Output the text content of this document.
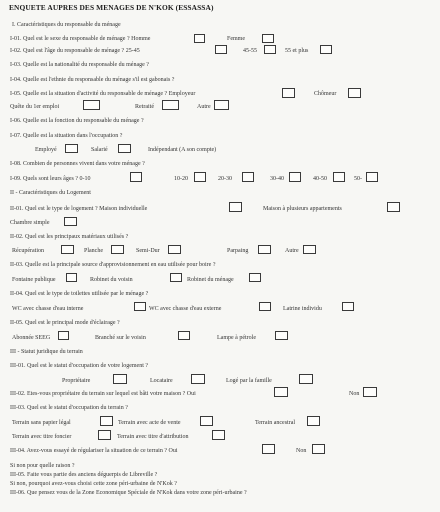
ENQUETE AUPRES DES MENAGES DE N'KOK (ESSASSA)
I. Caractéristiques du responsable du ménage
I-01. Quel est le sexe du responsable de ménage ? Homme	Femme
I-02. Quel est l'âge du responsable de ménage ? 25-45	45-55	55 et plus
I-03. Quelle est la nationalité du responsable du ménage ?
I-04. Quelle est l'ethnie du responsable du ménage s'il est gabonais ?
I-05. Quelle est la situation d'activité du responsable de ménage ? Employeur	Chômeur
Quête du 1er emploi	Retraité	Autre
I-06. Quelle est la fonction du responsable du ménage ?
I-07. Quelle est la situation dans l'occupation ?
Employé	Salarié	Indépendant (A son compte)
I-08. Combien de personnes vivent dans votre ménage ?
I-09. Quels sont leurs âges ? 0-10	10-20	20-30	30-40	40-50	50-
II - Caractéristiques du Logement
II-01. Quel est le type de logement ? Maison individuelle	Maison à plusieurs appartements
Chambre simple
II-02. Quel est les principaux matériaux utilisés ?
Récupération	Planche	Semi-Dur	Parpaing	Autre
II-03. Quelle est la principale source d'approvisionnement en eau utilisée pour boire ?
Fontaine publique	Robinet du voisin	Robinet du ménage
II-04. Quel est le type de toilettes utilisée par le ménage ?
WC avec chasse d'eau interne	WC avec chasse d'eau externe	Latrine individu
II-05. Quel est le principal mode d'éclairage ?
Abonnée SEEG	Branché sur le voisin	Lampe à pétrole
III - Statut juridique du terrain
III-01. Quel est le statut d'occupation de votre logement ?
Propriétaire	Locataire	Logé par la famille
III-02. Etes-vous propriétaire du terrain sur lequel est bâti votre maison ? Oui	Non
III-03. Quel est le statut d'occupation du terrain ?
Terrain sans papier légal	Terrain avec acte de vente	Terrain ancestral
Terrain avec titre foncier	Terrain avec titre d'attribution
III-04. Avez-vous essayé de régulariser la situation de ce terrain ? Oui	Non
Si non pour quelle raison ?
III-05. Faite vous partie des anciens déguerpis de Libreville ?
Si non, pourquoi avez-vous choisi cette zone péri-urbaine de N'Kok ?
III-06. Que pensez vous de la Zone Economique Spéciale de N'Kok dans votre zone péri-urbaine ?
